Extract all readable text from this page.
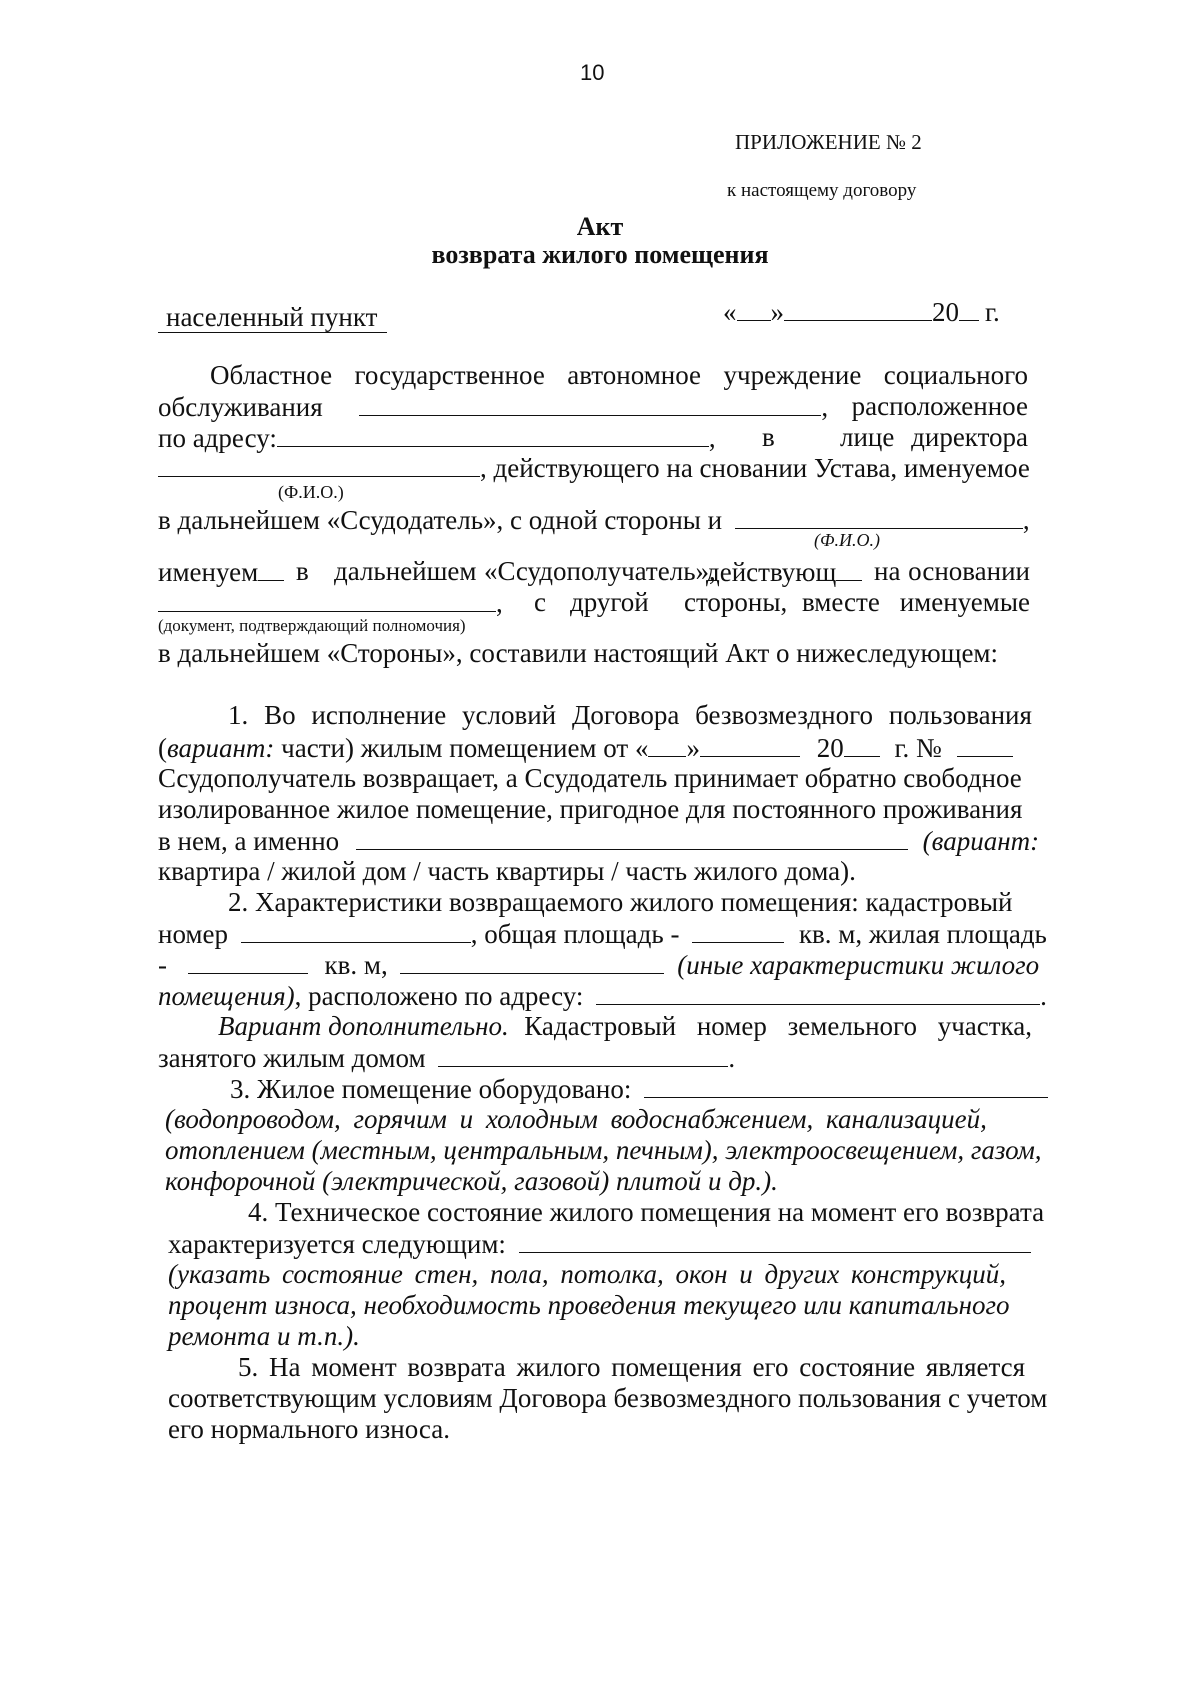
10
ПРИЛОЖЕНИЕ № 2
к настоящему договору
Акт
возврата жилого помещения
населенный пункт	« »	20 г.
Областное государственное автономное учреждение социального
обслуживания	, расположенное
по адресу:	, в лице директора
, действующего на сновании Устава, именуемое
(Ф.И.О.)
в дальнейшем «Ссудодатель», с одной стороны и	,
(Ф.И.О.)
именуем	в дальнейшем «Ссудополучатель»,
действующ	на основании
, с другой стороны, вместе именуемые
(документ, подтверждающий полномочия)
в дальнейшем «Стороны», составили настоящий Акт о нижеследующем:
1. Во исполнение условий Договора безвозмездного пользования
(вариант: части) жилым помещением от « »	20 г. №
Ссудополучатель возвращает, а Ссудодатель принимает обратно свободное
изолированное жилое помещение, пригодное для постоянного проживания
в нем, а именно	(вариант:
квартира / жилой дом / часть квартиры / часть жилого дома).
2. Характеристики возвращаемого жилого помещения: кадастровый
номер	, общая площадь -	кв. м, жилая площадь
-	кв. м,	(иные характеристики жилого
помещения), расположено по адресу:	.
Вариант дополнительно. Кадастровый номер земельного участка,
занятого жилым домом	.
3. Жилое помещение оборудовано:
(водопроводом, горячим и холодным водоснабжением, канализацией,
отоплением (местным, центральным, печным), электроосвещением, газом,
конфорочной (электрической, газовой) плитой и др.).
4. Техническое состояние жилого помещения на момент его возврата
характеризуется следующим:
(указать состояние стен, пола, потолка, окон и других конструкций,
процент износа, необходимость проведения текущего или капитального
ремонта и т.п.).
5. На момент возврата жилого помещения его состояние является
соответствующим условиям Договора безвозмездного пользования с учетом
его нормального износа.
